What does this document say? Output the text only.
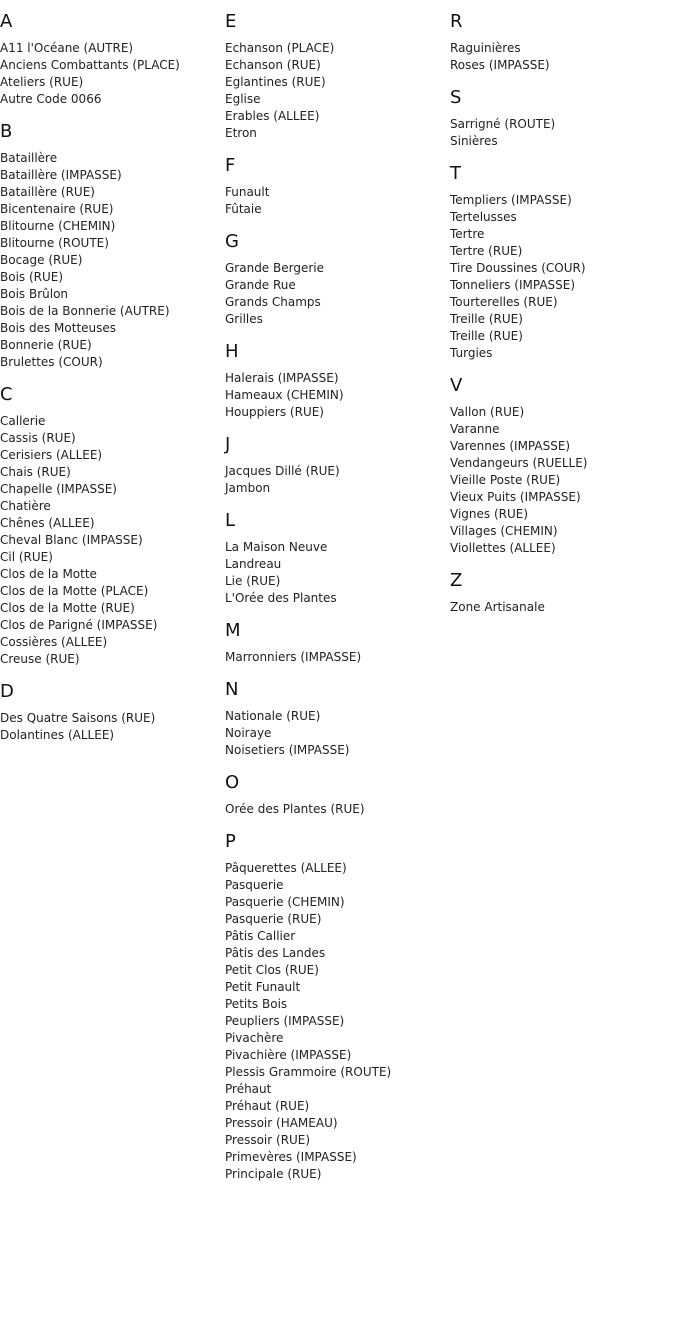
A
A11 l'Océane (AUTRE)
Anciens Combattants (PLACE)
Ateliers (RUE)
Autre Code 0066
B
Bataillère
Bataillère (IMPASSE)
Bataillère (RUE)
Bicentenaire (RUE)
Blitourne (CHEMIN)
Blitourne (ROUTE)
Bocage (RUE)
Bois (RUE)
Bois Brûlon
Bois de la Bonnerie (AUTRE)
Bois des Motteuses
Bonnerie (RUE)
Brulettes (COUR)
C
Callerie
Cassis (RUE)
Cerisiers (ALLEE)
Chais (RUE)
Chapelle (IMPASSE)
Chatière
Chênes (ALLEE)
Cheval Blanc (IMPASSE)
Cil (RUE)
Clos de la Motte
Clos de la Motte (PLACE)
Clos de la Motte (RUE)
Clos de Parigné (IMPASSE)
Cossières (ALLEE)
Creuse (RUE)
D
Des Quatre Saisons (RUE)
Dolantines (ALLEE)
E
Echanson (PLACE)
Echanson (RUE)
Eglantines (RUE)
Eglise
Erables (ALLEE)
Etron
F
Funault
Fûtaie
G
Grande Bergerie
Grande Rue
Grands Champs
Grilles
H
Halerais (IMPASSE)
Hameaux (CHEMIN)
Houppiers (RUE)
J
Jacques Dillé (RUE)
Jambon
L
La Maison Neuve
Landreau
Lie (RUE)
L'Orée des Plantes
M
Marronniers (IMPASSE)
N
Nationale (RUE)
Noiraye
Noisetiers (IMPASSE)
O
Orée des Plantes (RUE)
P
Pâquerettes (ALLEE)
Pasquerie
Pasquerie (CHEMIN)
Pasquerie (RUE)
Pâtis Callier
Pâtis des Landes
Petit Clos (RUE)
Petit Funault
Petits Bois
Peupliers (IMPASSE)
Pivachère
Pivachière (IMPASSE)
Plessis Grammoire (ROUTE)
Préhaut
Préhaut (RUE)
Pressoir (HAMEAU)
Pressoir (RUE)
Primevères (IMPASSE)
Principale (RUE)
R
Raguinières
Roses (IMPASSE)
S
Sarrigné (ROUTE)
Sinières
T
Templiers (IMPASSE)
Tertelusses
Tertre
Tertre (RUE)
Tire Doussines (COUR)
Tonneliers (IMPASSE)
Tourterelles (RUE)
Treille (RUE)
Treille (RUE)
Turgies
V
Vallon (RUE)
Varanne
Varennes (IMPASSE)
Vendangeurs (RUELLE)
Vieille Poste (RUE)
Vieux Puits (IMPASSE)
Vignes (RUE)
Villages (CHEMIN)
Viollettes (ALLEE)
Z
Zone Artisanale
